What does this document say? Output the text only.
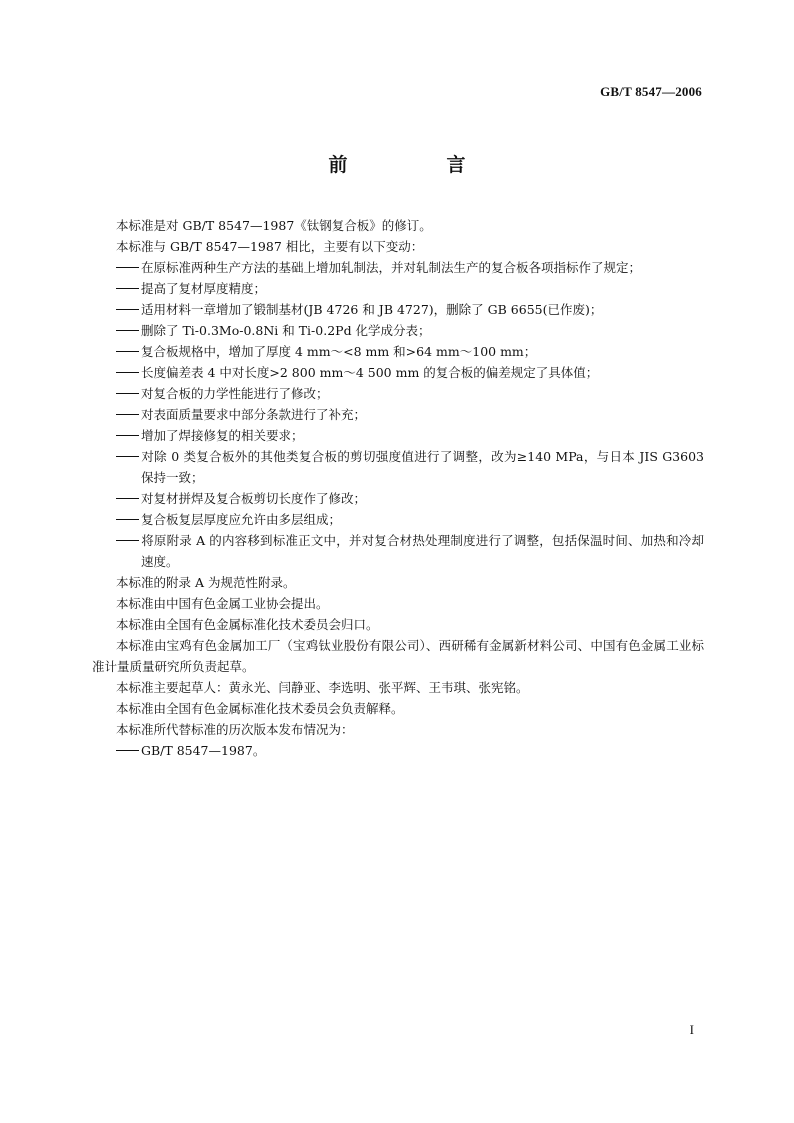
GB/T 8547—2006
前　言

本标准是对 GB/T 8547—1987《钛钢复合板》的修订。

本标准与 GB/T 8547—1987 相比，主要有以下变动：

在原标准两种生产方法的基础上增加轧制法，并对轧制法生产的复合板各项指标作了规定；

提高了复材厚度精度；

适用材料一章增加了锻制基材(JB 4726 和 JB 4727)，删除了 GB 6655(已作废)；

删除了 Ti-0.3Mo-0.8Ni 和 Ti-0.2Pd 化学成分表；

复合板规格中，增加了厚度 4 mm～<8 mm 和>64 mm～100 mm；

长度偏差表 4 中对长度>2 800 mm～4 500 mm 的复合板的偏差规定了具体值；

对复合板的力学性能进行了修改；

对表面质量要求中部分条款进行了补充；

增加了焊接修复的相关要求；

对除 0 类复合板外的其他类复合板的剪切强度值进行了调整，改为≥140 MPa，与日本 JIS G3603 保持一致；

对复材拼焊及复合板剪切长度作了修改；

复合板复层厚度应允许由多层组成；

将原附录 A 的内容移到标准正文中，并对复合材热处理制度进行了调整，包括保温时间、加热和冷却速度。

本标准的附录 A 为规范性附录。

本标准由中国有色金属工业协会提出。

本标准由全国有色金属标准化技术委员会归口。

本标准由宝鸡有色金属加工厂（宝鸡钛业股份有限公司）、西研稀有金属新材料公司、中国有色金属工业标准计量质量研究所负责起草。

本标准主要起草人：黄永光、闫静亚、李选明、张平辉、王韦琪、张宪铭。

本标准由全国有色金属标准化技术委员会负责解释。

本标准所代替标准的历次版本发布情况为：

GB/T 8547—1987。

I
